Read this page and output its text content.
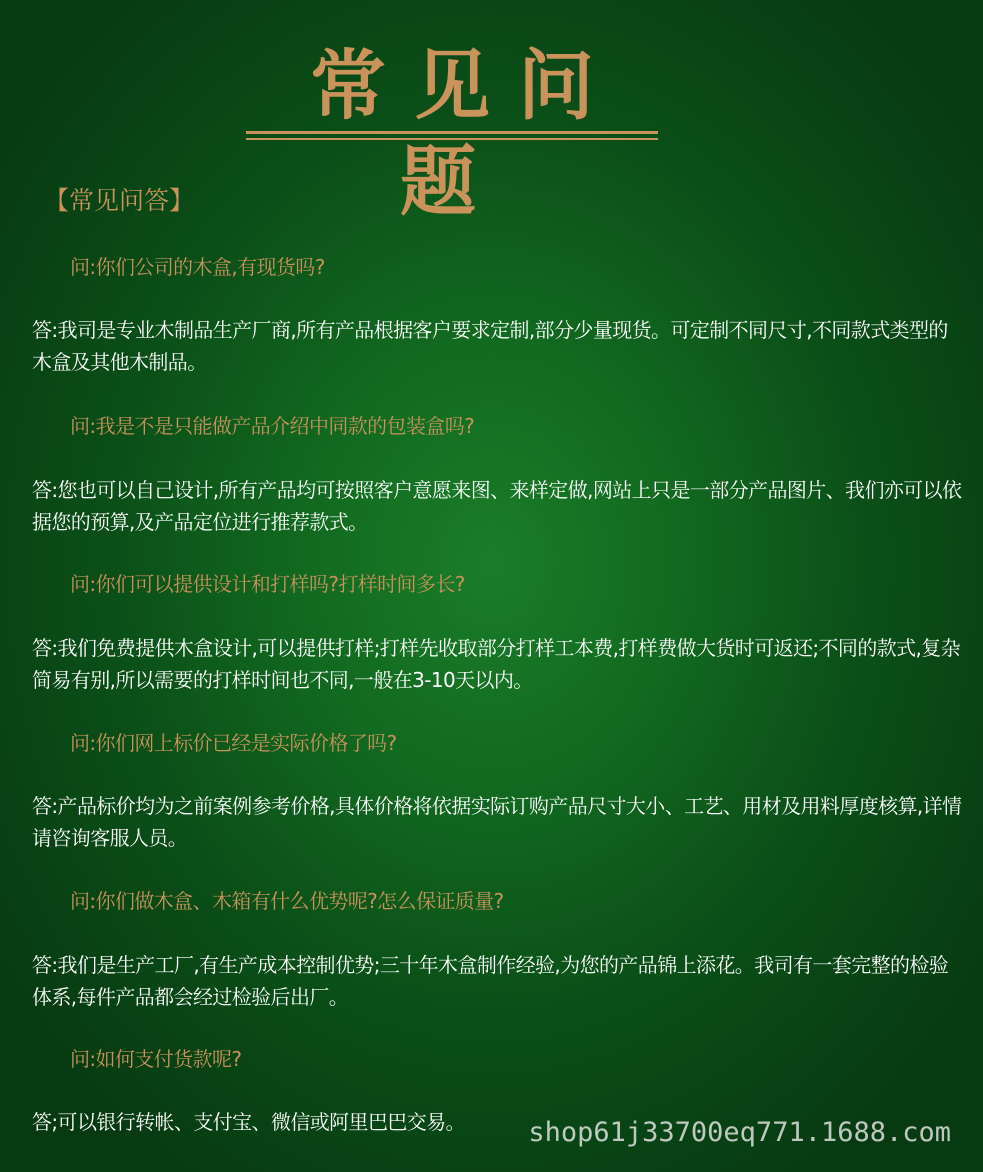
常见问题
【常见问答】
问:你们公司的木盒,有现货吗?
答:我司是专业木制品生产厂商,所有产品根据客户要求定制,部分少量现货。可定制不同尺寸,不同款式类型的木盒及其他木制品。
问:我是不是只能做产品介绍中同款的包装盒吗?
答:您也可以自己设计,所有产品均可按照客户意愿来图、来样定做,网站上只是一部分产品图片、我们亦可以依据您的预算,及产品定位进行推荐款式。
问:你们可以提供设计和打样吗?打样时间多长?
答:我们免费提供木盒设计,可以提供打样;打样先收取部分打样工本费,打样费做大货时可返还;不同的款式,复杂简易有别,所以需要的打样时间也不同,一般在3-10天以内。
问:你们网上标价已经是实际价格了吗?
答:产品标价均为之前案例参考价格,具体价格将依据实际订购产品尺寸大小、工艺、用材及用料厚度核算,详情请咨询客服人员。
问:你们做木盒、木箱有什么优势呢?怎么保证质量?
答:我们是生产工厂,有生产成本控制优势;三十年木盒制作经验,为您的产品锦上添花。我司有一套完整的检验体系,每件产品都会经过检验后出厂。
问:如何支付货款呢?
答;可以银行转帐、支付宝、微信或阿里巴巴交易。	shop61j33700eq771.1688.com
